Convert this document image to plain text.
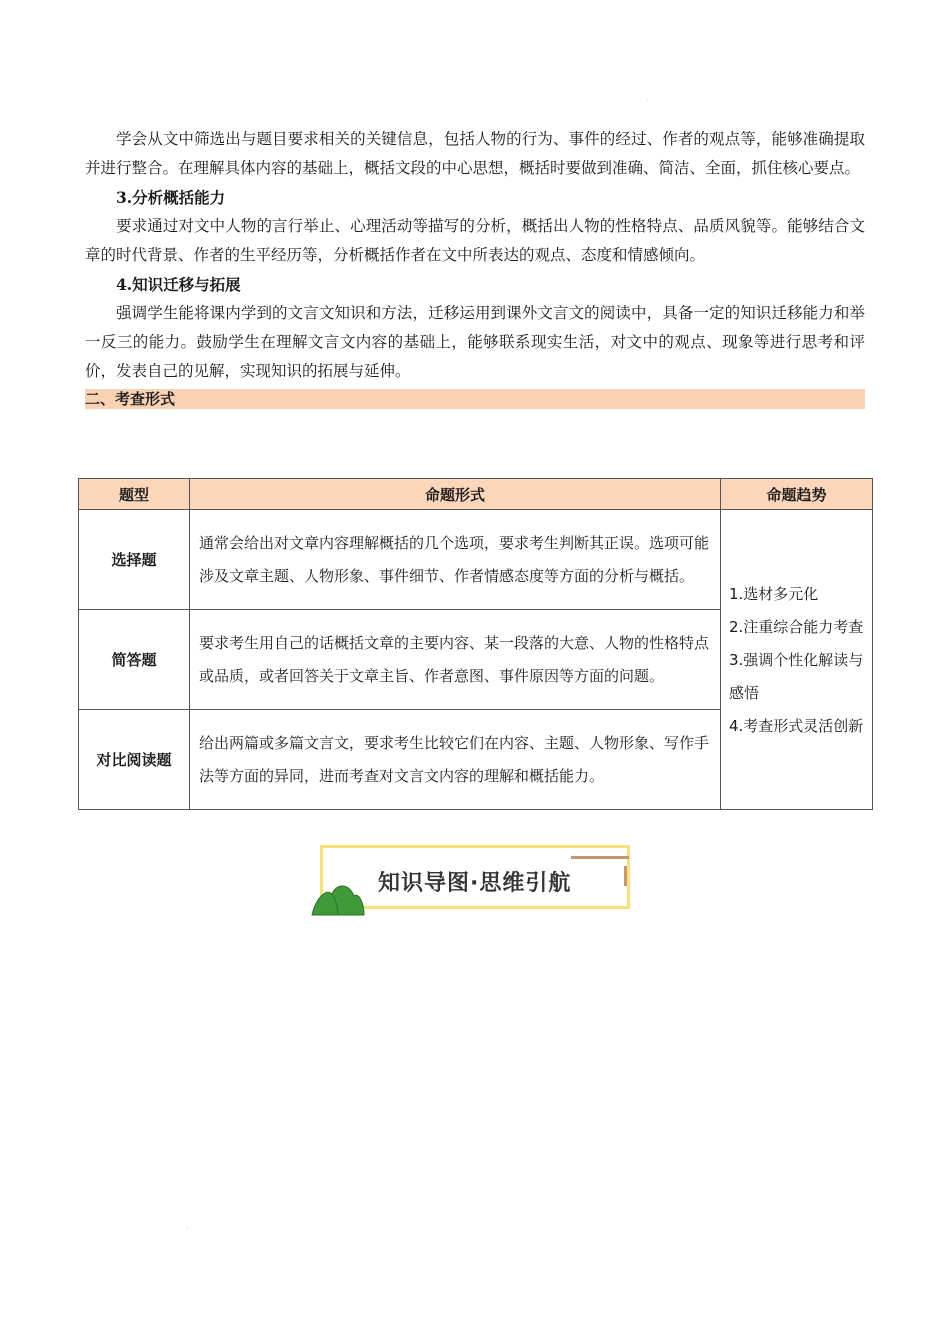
.

学会从文中筛选出与题目要求相关的关键信息，包括人物的行为、事件的经过、作者的观点等，能够准确提取并进行整合。在理解具体内容的基础上，概括文段的中心思想，概括时要做到准确、简洁、全面，抓住核心要点。

3.分析概括能力

要求通过对文中人物的言行举止、心理活动等描写的分析，概括出人物的性格特点、品质风貌等。能够结合文章的时代背景、作者的生平经历等，分析概括作者在文中所表达的观点、态度和情感倾向。

4.知识迁移与拓展

强调学生能将课内学到的文言文知识和方法，迁移运用到课外文言文的阅读中，具备一定的知识迁移能力和举一反三的能力。鼓励学生在理解文言文内容的基础上，能够联系现实生活，对文中的观点、现象等进行思考和评价，发表自己的见解，实现知识的拓展与延伸。

二、考查形式
题型	命题形式	命题趋势
选择题	通常会给出对文章内容理解概括的几个选项，要求考生判断其正误。选项可能涉及文章主题、人物形象、事件细节、作者情感态度等方面的分析与概括。	1.选材多元化
2.注重综合能力考查
3.强调个性化解读与感悟
4.考查形式灵活创新

简答题	要求考生用自己的话概括文章的主要内容、某一段落的大意、人物的性格特点或品质，或者回答关于文章主旨、作者意图、事件原因等方面的问题。	
对比阅读题	给出两篇或多篇文言文，要求考生比较它们在内容、主题、人物形象、写作手法等方面的异同，进而考查对文言文内容的理解和概括能力。	
知识导图·思维引航
.
